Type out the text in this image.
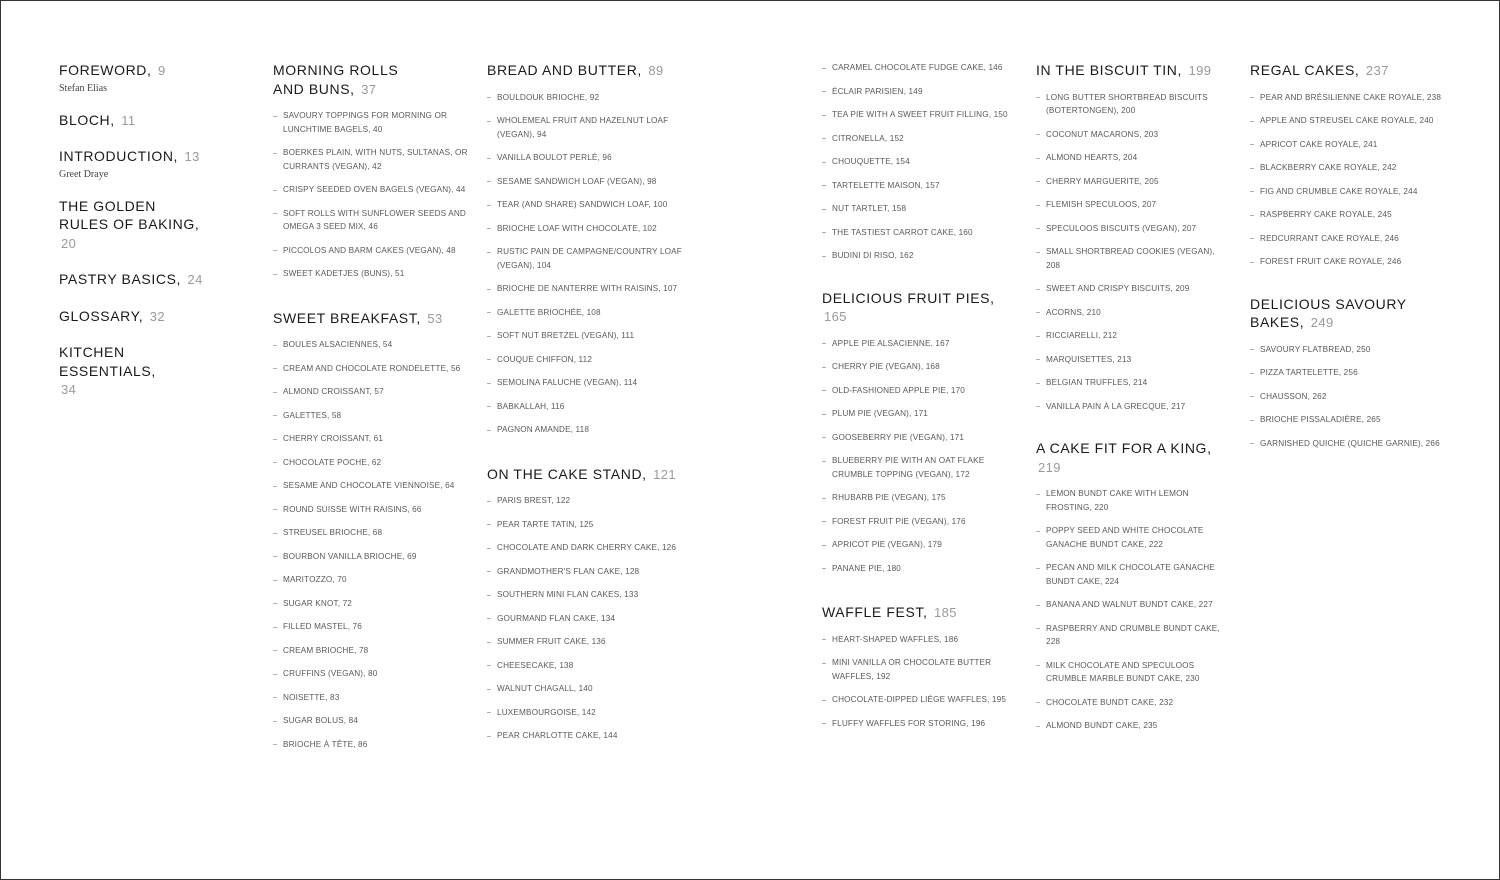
FOREWORD, 9
Stefan Elias
BLOCH, 11
INTRODUCTION, 13
Greet Draye
THE GOLDEN RULES OF BAKING, 20
PASTRY BASICS, 24
GLOSSARY, 32
KITCHEN ESSENTIALS, 34
MORNING ROLLS AND BUNS, 37
SAVOURY TOPPINGS FOR MORNING OR LUNCHTIME BAGELS, 40
BOERKES PLAIN, WITH NUTS, SULTANAS, OR CURRANTS (VEGAN), 42
CRISPY SEEDED OVEN BAGELS (VEGAN), 44
SOFT ROLLS WITH SUNFLOWER SEEDS AND OMEGA 3 SEED MIX, 46
PICCOLOS AND BARM CAKES (VEGAN), 48
SWEET KADETJES (BUNS), 51
SWEET BREAKFAST, 53
BOULES ALSACIENNES, 54
CREAM AND CHOCOLATE RONDELETTE, 56
ALMOND CROISSANT, 57
GALETTES, 58
CHERRY CROISSANT, 61
CHOCOLATE POCHE, 62
SESAME AND CHOCOLATE VIENNOISE, 64
ROUND SUISSE WITH RAISINS, 66
STREUSEL BRIOCHE, 68
BOURBON VANILLA BRIOCHE, 69
MARITOZZO, 70
SUGAR KNOT, 72
FILLED MASTEL, 76
CREAM BRIOCHE, 78
CRUFFINS (VEGAN), 80
NOISETTE, 83
SUGAR BOLUS, 84
BRIOCHE À TÊTE, 86
BREAD AND BUTTER, 89
BOULDOUK BRIOCHE, 92
WHOLEMEAL FRUIT AND HAZELNUT LOAF (VEGAN), 94
VANILLA BOULOT PERLÉ, 96
SESAME SANDWICH LOAF (VEGAN), 98
TEAR (AND SHARE) SANDWICH LOAF, 100
BRIOCHE LOAF WITH CHOCOLATE, 102
RUSTIC PAIN DE CAMPAGNE/COUNTRY LOAF (VEGAN), 104
BRIOCHE DE NANTERRE WITH RAISINS, 107
GALETTE BRIOCHÉE, 108
SOFT NUT BRETZEL (VEGAN), 111
COUQUE CHIFFON, 112
SEMOLINA FALUCHE (VEGAN), 114
BABKALLAH, 116
PAGNON AMANDE, 118
ON THE CAKE STAND, 121
PARIS BREST, 122
PEAR TARTE TATIN, 125
CHOCOLATE AND DARK CHERRY CAKE, 126
GRANDMOTHER'S FLAN CAKE, 128
SOUTHERN MINI FLAN CAKES, 133
GOURMAND FLAN CAKE, 134
SUMMER FRUIT CAKE, 136
CHEESECAKE, 138
WALNUT CHAGALL, 140
LUXEMBOURGOISE, 142
PEAR CHARLOTTE CAKE, 144
CARAMEL CHOCOLATE FUDGE CAKE, 146
ÉCLAIR PARISIEN, 149
TEA PIE WITH A SWEET FRUIT FILLING, 150
CITRONELLA, 152
CHOUQUETTE, 154
TARTELETTE MAISON, 157
NUT TARTLET, 158
THE TASTIEST CARROT CAKE, 160
BUDINI DI RISO, 162
DELICIOUS FRUIT PIES, 165
APPLE PIE ALSACIENNE, 167
CHERRY PIE (VEGAN), 168
OLD-FASHIONED APPLE PIE, 170
PLUM PIE (VEGAN), 171
GOOSEBERRY PIE (VEGAN), 171
BLUEBERRY PIE WITH AN OAT FLAKE CRUMBLE TOPPING (VEGAN), 172
RHUBARB PIE (VEGAN), 175
FOREST FRUIT PIE (VEGAN), 176
APRICOT PIE (VEGAN), 179
PANANE PIE, 180
WAFFLE FEST, 185
HEART-SHAPED WAFFLES, 186
MINI VANILLA OR CHOCOLATE BUTTER WAFFLES, 192
CHOCOLATE-DIPPED LIÈGE WAFFLES, 195
FLUFFY WAFFLES FOR STORING, 196
IN THE BISCUIT TIN, 199
LONG BUTTER SHORTBREAD BISCUITS (BOTERTONGEN), 200
COCONUT MACARONS, 203
ALMOND HEARTS, 204
CHERRY MARGUERITE, 205
FLEMISH SPECULOOS, 207
SPECULOOS BISCUITS (VEGAN), 207
SMALL SHORTBREAD COOKIES (VEGAN), 208
SWEET AND CRISPY BISCUITS, 209
ACORNS, 210
RICCIARELLI, 212
MARQUISETTES, 213
BELGIAN TRUFFLES, 214
VANILLA PAIN À LA GRECQUE, 217
A CAKE FIT FOR A KING, 219
LEMON BUNDT CAKE WITH LEMON FROSTING, 220
POPPY SEED AND WHITE CHOCOLATE GANACHE BUNDT CAKE, 222
PECAN AND MILK CHOCOLATE GANACHE BUNDT CAKE, 224
BANANA AND WALNUT BUNDT CAKE, 227
RASPBERRY AND CRUMBLE BUNDT CAKE, 228
MILK CHOCOLATE AND SPECULOOS CRUMBLE MARBLE BUNDT CAKE, 230
CHOCOLATE BUNDT CAKE, 232
ALMOND BUNDT CAKE, 235
REGAL CAKES, 237
PEAR AND BRÉSILIENNE CAKE ROYALE, 238
APPLE AND STREUSEL CAKE ROYALE, 240
APRICOT CAKE ROYALE, 241
BLACKBERRY CAKE ROYALE, 242
FIG AND CRUMBLE CAKE ROYALE, 244
RASPBERRY CAKE ROYALE, 245
REDCURRANT CAKE ROYALE, 246
FOREST FRUIT CAKE ROYALE, 246
DELICIOUS SAVOURY BAKES, 249
SAVOURY FLATBREAD, 250
PIZZA TARTELETTE, 256
CHAUSSON, 262
BRIOCHE PISSALADIÈRE, 265
GARNISHED QUICHE (QUICHE GARNIE), 266
